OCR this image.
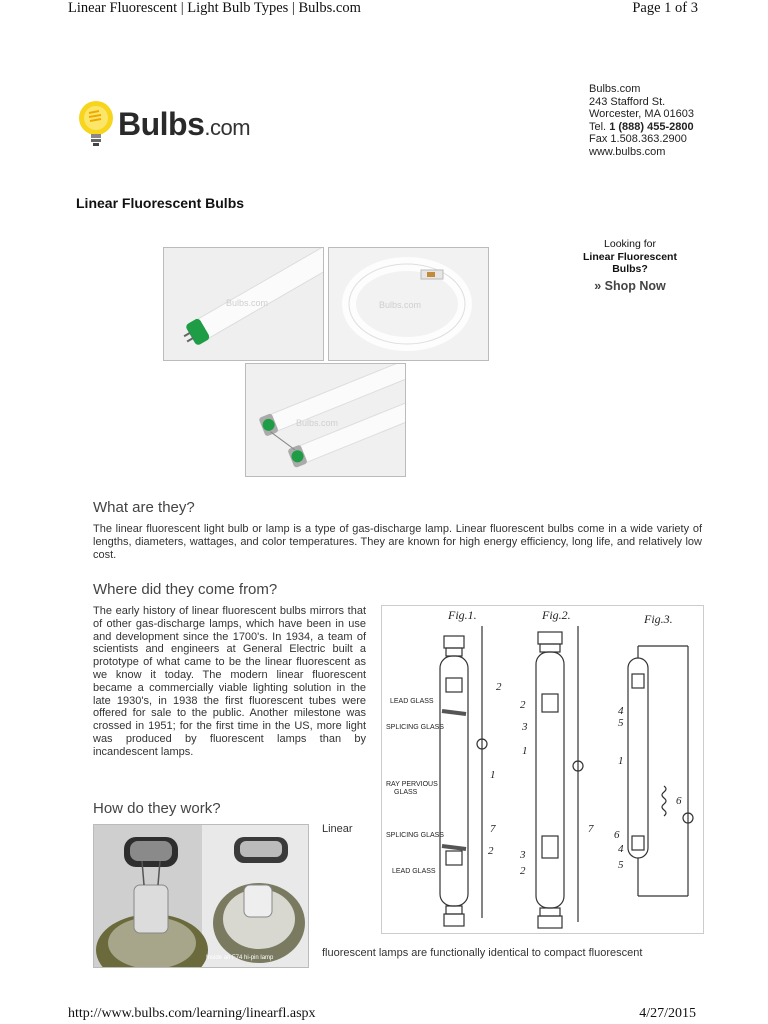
Linear Fluorescent | Light Bulb Types | Bulbs.com	Page 1 of 3
Bulbs.com
Bulbs.com
243 Stafford St.
Worcester, MA 01603
Tel. 1 (888) 455-2800
Fax 1.508.363.2900
www.bulbs.com
Linear Fluorescent Bulbs
Bulbs.com	Bulbs.com
Bulbs.com
Looking for
Linear Fluorescent
Bulbs?
» Shop Now
What are they?
The linear fluorescent light bulb or lamp is a type of gas-discharge lamp. Linear fluorescent bulbs come in a wide variety of lengths, diameters, wattages, and color temperatures. They are known for high energy efficiency, long life, and relatively low cost.
Where did they come from?
The early history of linear fluorescent bulbs mirrors that of other gas-discharge lamps, which have been in use and development since the 1700's. In 1934, a team of scientists and engineers at General Electric built a prototype of what came to be the linear fluorescent as we know it today. The modern linear fluorescent became a commercially viable lighting solution in the late 1930's, in 1938 the first fluorescent tubes were offered for sale to the public. Another milestone was crossed in 1951; for the first time in the US, more light was produced by fluorescent lamps than by incandescent lamps.
Fig.1.	Fig.2.	Fig.3.
LEAD GLASS
SPLICING GLASS
RAY PERVIOUS
GLASS
SPLICING GLASS
LEAD GLASS
2
1
7
2
2
3
1
3
2
7
4
5
1
6
6
4
5
How do they work?
Inside an F74 hi-pin lamp
Linear
fluorescent lamps are functionally identical to compact fluorescent
http://www.bulbs.com/learning/linearfl.aspx	4/27/2015
